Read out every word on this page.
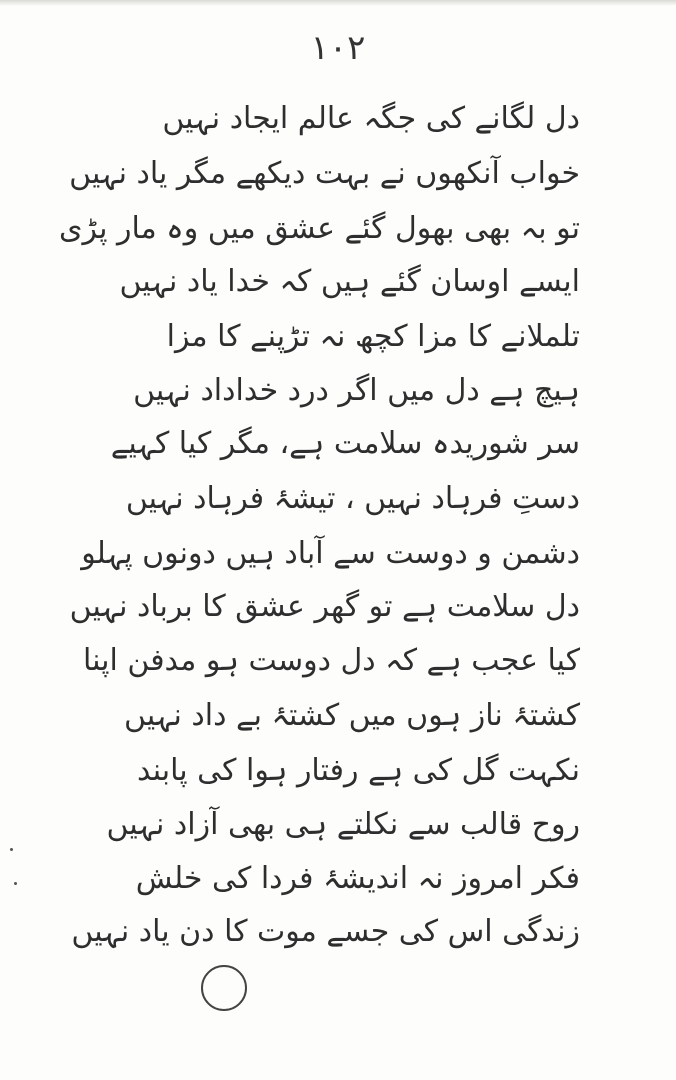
۱۰۲
دل لگانے کی جگہ عالم ایجاد نہیں
خواب آنکھوں نے بہت دیکھے مگر یاد نہیں
تو بہ بھی بھول گئے عشق میں وہ مار پڑی
ایسے اوسان گئے ہیں کہ خدا یاد نہیں
تلملانے کا مزا کچھ نہ تڑپنے کا مزا
ہیچ ہے دل میں اگر درد خداداد نہیں
سر شوریدہ سلامت ہے، مگر کیا کہیے
دستِ فرہاد نہیں ، تیشۂ فرہاد نہیں
دشمن و دوست سے آباد ہیں دونوں پہلو
دل سلامت ہے تو گھر عشق کا برباد نہیں
کیا عجب ہے کہ دل دوست ہو مدفن اپنا
کشتۂ ناز ہوں میں کشتۂ بے داد نہیں
نکہت گل کی ہے رفتار ہوا کی پابند
روح قالب سے نکلتے ہی بھی آزاد نہیں
فکر امروز نہ اندیشۂ فردا کی خلش
زندگی اس کی جسے موت کا دن یاد نہیں
